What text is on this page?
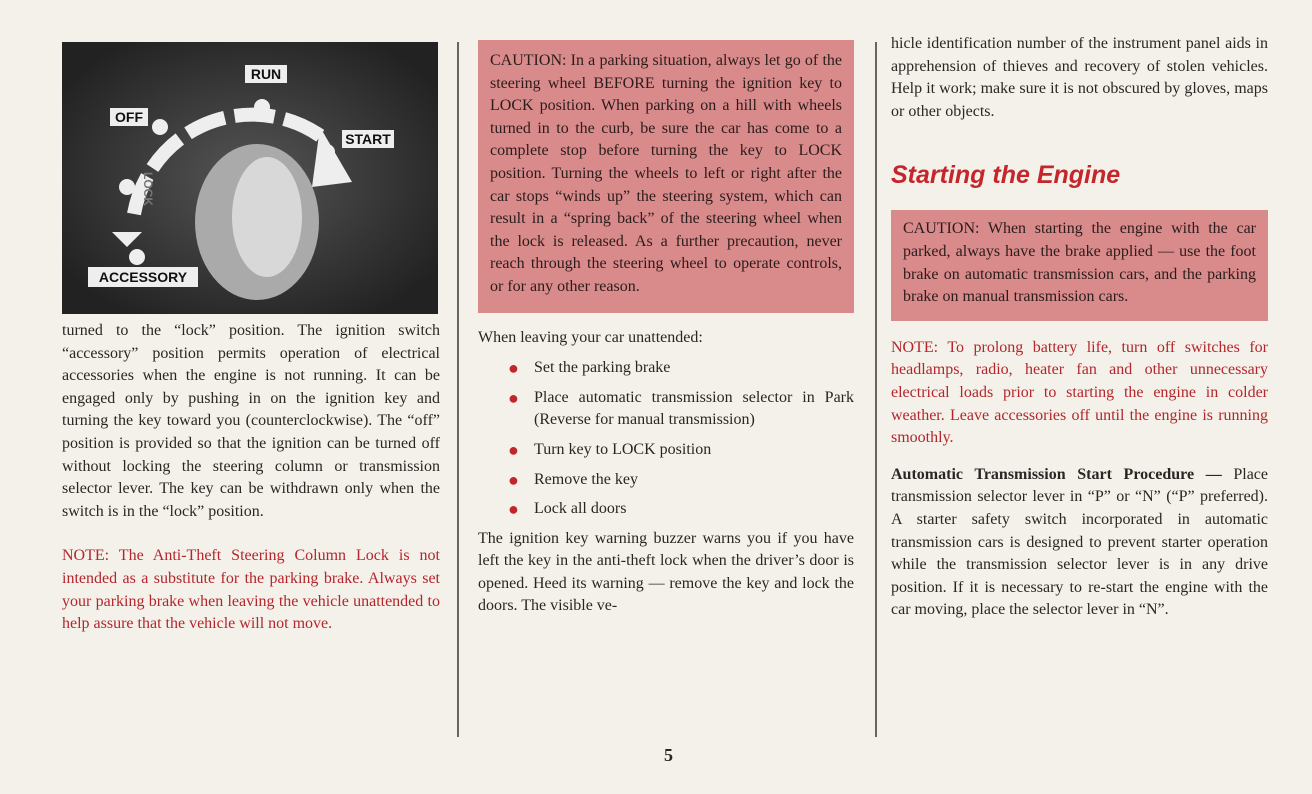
RUN
OFF
START
LOCK
ACCESSORY

turned to the “lock” position. The ignition switch “accessory” position permits operation of electrical accessories when the engine is not running. It can be engaged only by pushing in on the ignition key and turning the key toward you (counterclockwise). The “off” position is provided so that the ignition can be turned off without locking the steering column or transmission selector lever. The key can be withdrawn only when the switch is in the “lock” position.

NOTE: The Anti-Theft Steering Column Lock is not intended as a substitute for the parking brake. Always set your parking brake when leaving the vehicle unattended to help assure that the vehicle will not move.

CAUTION: In a parking situation, always let go of the steering wheel BEFORE turning the ignition key to LOCK position. When parking on a hill with wheels turned in to the curb, be sure the car has come to a complete stop before turning the key to LOCK position. Turning the wheels to left or right after the car stops “winds up” the steering system, which can result in a “spring back” of the steering wheel when the lock is released. As a further precaution, never reach through the steering wheel to operate controls, or for any other reason.

When leaving your car unattended:

● Set the parking brake
● Place automatic transmission selector in Park (Reverse for manual transmission)
● Turn key to LOCK position
● Remove the key
● Lock all doors

The ignition key warning buzzer warns you if you have left the key in the anti-theft lock when the driver’s door is opened. Heed its warning — remove the key and lock the doors. The visible ve-

hicle identification number of the instrument panel aids in apprehension of thieves and recovery of stolen vehicles. Help it work; make sure it is not obscured by gloves, maps or other objects.

Starting the Engine
CAUTION: When starting the engine with the car parked, always have the brake applied — use the foot brake on automatic transmission cars, and the parking brake on manual transmission cars.

NOTE: To prolong battery life, turn off switches for headlamps, radio, heater fan and other unnecessary electrical loads prior to starting the engine in colder weather. Leave accessories off until the engine is running smoothly.

Automatic Transmission Start Procedure — Place transmission selector lever in “P” or “N” (“P” preferred). A starter safety switch incorporated in automatic transmission cars is designed to prevent starter operation while the transmission selector lever is in any drive position. If it is necessary to re-start the engine with the car moving, place the selector lever in “N”.

5
